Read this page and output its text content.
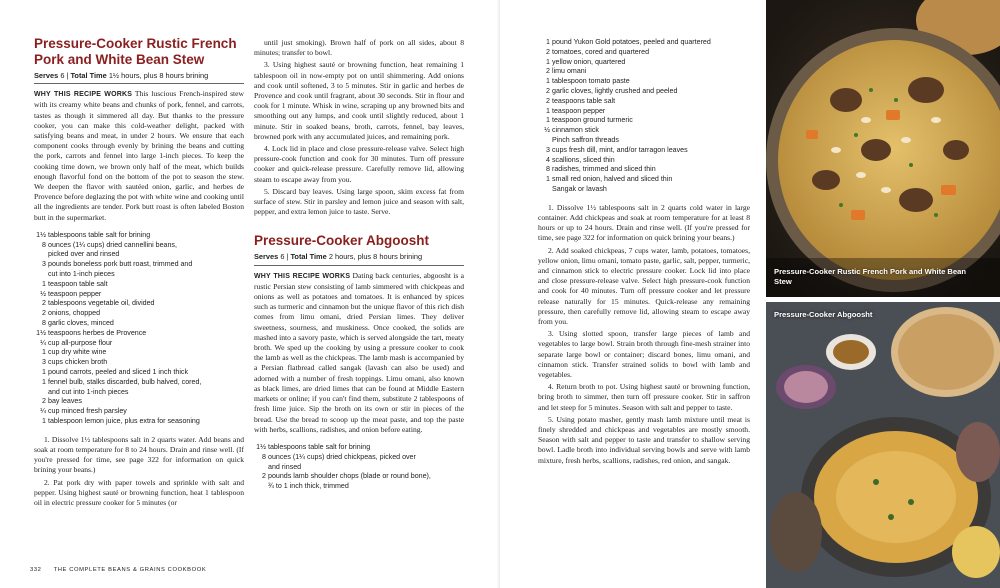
Pressure-Cooker Rustic French Pork and White Bean Stew
Serves 6 | Total Time 1½ hours, plus 8 hours brining

WHY THIS RECIPE WORKS This luscious French-inspired stew with its creamy white beans and chunks of pork, fennel, and carrots, tastes as though it simmered all day. But thanks to the pressure cooker, you can make this cold-weather delight, packed with satisfying beans and meat, in under 2 hours. We ensure that each component cooks through evenly by brining the beans and cutting the pork, carrots and fennel into large 1-inch pieces. To keep the cooking time down, we brown only half of the meat, which builds enough flavorful fond on the bottom of the pot to season the stew. We deepen the flavor with sautéed onion, garlic, and herbes de Provence before deglazing the pot with white wine and cooking until all the ingredients are tender. Pork butt roast is often labeled Boston butt in the supermarket.

1½ tablespoons table salt for brining
8 ounces (1¼ cups) dried cannellini beans,
picked over and rinsed
3 pounds boneless pork butt roast, trimmed and
cut into 1-inch pieces
1 teaspoon table salt
½ teaspoon pepper
2 tablespoons vegetable oil, divided
2 onions, chopped
8 garlic cloves, minced
1½ teaspoons herbes de Provence
¼ cup all-purpose flour
1 cup dry white wine
3 cups chicken broth
1 pound carrots, peeled and sliced 1 inch thick
1 fennel bulb, stalks discarded, bulb halved, cored,
and cut into 1-inch pieces
2 bay leaves
¼ cup minced fresh parsley
1 tablespoon lemon juice, plus extra for seasoning
1. Dissolve 1½ tablespoons salt in 2 quarts water. Add beans and soak at room temperature for 8 to 24 hours. Drain and rinse well. (If you're pressed for time, see page 322 for information on quick brining your beans.)
2. Pat pork dry with paper towels and sprinkle with salt and pepper. Using highest sauté or browning function, heat 1 tablespoon oil in electric pressure cooker for 5 minutes (or
until just smoking). Brown half of pork on all sides, about 8 minutes; transfer to bowl.
3. Using highest sauté or browning function, heat remaining 1 tablespoon oil in now-empty pot on until shimmering. Add onions and cook until softened, 3 to 5 minutes. Stir in garlic and herbes de Provence and cook until fragrant, about 30 seconds. Stir in flour and cook for 1 minute. Whisk in wine, scraping up any browned bits and smoothing out any lumps, and cook until slightly reduced, about 1 minute. Stir in soaked beans, broth, carrots, fennel, bay leaves, browned pork with any accumulated juices, and remaining pork.
4. Lock lid in place and close pressure-release valve. Select high pressure-cook function and cook for 30 minutes. Turn off pressure cooker and quick-release pressure. Carefully remove lid, allowing steam to escape away from you.
5. Discard bay leaves. Using large spoon, skim excess fat from surface of stew. Stir in parsley and lemon juice and season with salt, pepper, and extra lemon juice to taste. Serve.
Pressure-Cooker Abgoosht
Serves 6 | Total Time 2 hours, plus 8 hours brining

WHY THIS RECIPE WORKS Dating back centuries, abgoosht is a rustic Persian stew consisting of lamb simmered with chickpeas and onions as well as potatoes and tomatoes. It is enhanced by spices such as turmeric and cinnamon but the unique flavor of this rich dish comes from limu omani, dried Persian limes. They deliver sweetness, sourness, and muskiness. Once cooked, the solids are mashed into a savory paste, which is served alongside the tart, meaty broth. We sped up the cooking by using a pressure cooker to cook the lamb as well as the chickpeas. The lamb mash is accompanied by a Persian flatbread called sangak (lavash can also be used) and adorned with a number of fresh toppings. Limu omani, also known as black limes, are dried limes that can be found at Middle Eastern markets or online; if you can't find them, substitute 2 tablespoons of fresh lime juice. Sip the broth on its own or stir in pieces of the bread. Use the bread to scoop up the meat paste, and top the paste with herbs, scallions, radishes, and onion before eating.

1½ tablespoons table salt for brining
8 ounces (1¼ cups) dried chickpeas, picked over
and rinsed
2 pounds lamb shoulder chops (blade or round bone),
¾ to 1 inch thick, trimmed
332 THE COMPLETE BEANS & GRAINS COOKBOOK
1 pound Yukon Gold potatoes, peeled and quartered
2 tomatoes, cored and quartered
1 yellow onion, quartered
2 limu omani
1 tablespoon tomato paste
2 garlic cloves, lightly crushed and peeled
2 teaspoons table salt
1 teaspoon pepper
1 teaspoon ground turmeric
½ cinnamon stick
Pinch saffron threads
3 cups fresh dill, mint, and/or tarragon leaves
4 scallions, sliced thin
8 radishes, trimmed and sliced thin
1 small red onion, halved and sliced thin
Sangak or lavash
1. Dissolve 1½ tablespoons salt in 2 quarts cold water in large container. Add chickpeas and soak at room temperature for at least 8 hours or up to 24 hours. Drain and rinse well. (If you're pressed for time, see page 322 for information on quick brining your beans.)
2. Add soaked chickpeas, 7 cups water, lamb, potatoes, tomatoes, yellow onion, limu omani, tomato paste, garlic, salt, pepper, turmeric, and cinnamon stick to electric pressure cooker. Lock lid into place and close pressure-release valve. Select high pressure-cook function and cook for 40 minutes. Turn off pressure cooker and let pressure release naturally for 15 minutes. Quick-release any remaining pressure, then carefully remove lid, allowing steam to escape away from you.
3. Using slotted spoon, transfer large pieces of lamb and vegetables to large bowl. Strain broth through fine-mesh strainer into separate large bowl or container; discard bones, limu omani, and cinnamon stick. Transfer strained solids to bowl with lamb and vegetables.
4. Return broth to pot. Using highest sauté or browning function, bring broth to simmer, then turn off pressure cooker. Stir in saffron and let steep for 5 minutes. Season with salt and pepper to taste.
5. Using potato masher, gently mash lamb mixture until meat is finely shredded and chickpeas and vegetables are mostly smooth. Season with salt and pepper to taste and transfer to shallow serving bowl. Ladle broth into individual serving bowls and serve with lamb mixture, fresh herbs, scallions, radishes, red onion, and sangak.
Pressure-Cooker Rustic French Pork and White Bean Stew
Pressure-Cooker Abgoosht
